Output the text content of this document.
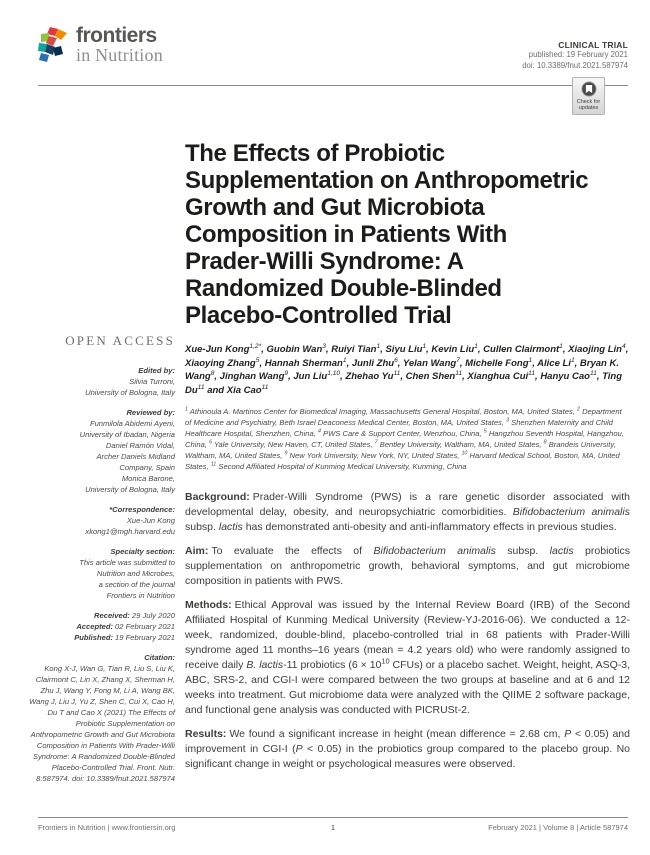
frontiers
in Nutrition	CLINICAL TRIAL
published: 19 February 2021
doi: 10.3389/fnut.2021.587974
Check for updates
OPEN ACCESS
Edited by:
Silvia Turroni,
University of Bologna, Italy
Reviewed by:
Funmilola Abidemi Ayeni,
University of Ibadan, Nigeria
Daniel Ramón Vidal,
Archer Daniels Midland
Company, Spain
Monica Barone,
University of Bologna, Italy
*Correspondence:
Xue-Jun Kong
xkong1@mgh.harvard.edu
Specialty section:
This article was submitted to
Nutrition and Microbes,
a section of the journal
Frontiers in Nutrition
Received: 29 July 2020
Accepted: 02 February 2021
Published: 19 February 2021
Citation:
Kong X-J, Wan G, Tian R, Liu S, Liu K, Clairmont C, Lin X, Zhang X, Sherman H, Zhu J, Wang Y, Fong M, Li A, Wang BK, Wang J, Liu J, Yu Z, Shen C, Cui X, Cao H, Du T and Cao X (2021) The Effects of Probiotic Supplementation on Anthropometric Growth and Gut Microbiota Composition in Patients With Prader-Willi Syndrome: A Randomized Double-Blinded Placebo-Controlled Trial. Front. Nutr. 8:587974. doi: 10.3389/fnut.2021.587974
The Effects of Probiotic
Supplementation on Anthropometric
Growth and Gut Microbiota
Composition in Patients With
Prader-Willi Syndrome: A
Randomized Double-Blinded
Placebo-Controlled Trial
Xue-Jun Kong$^{1,2*}$, Guobin Wan$^3$, Ruiyi Tian$^1$, Siyu Liu$^1$, Kevin Liu$^1$, Cullen Clairmont$^1$, Xiaojing Lin$^4$, Xiaoying Zhang$^5$, Hannah Sherman$^1$, Junli Zhu$^6$, Yelan Wang$^7$, Michelle Fong$^1$, Alice Li$^1$, Bryan K. Wang$^8$, Jinghan Wang$^9$, Jun Liu$^{1,10}$, Zhehao Yu$^{11}$, Chen Shen$^{11}$, Xianghua Cui$^{11}$, Hanyu Cao$^{11}$, Ting Du$^{11}$ and Xia Cao$^{11}$
$^1$ Athinoula A. Martinos Center for Biomedical Imaging, Massachusetts General Hospital, Boston, MA, United States, $^2$ Department of Medicine and Psychiatry, Beth Israel Deaconess Medical Center, Boston, MA, United States, $^3$ Shenzhen Maternity and Child Healthcare Hospital, Shenzhen, China, $^4$ PWS Care & Support Center, Wenzhou, China, $^5$ Hangzhou Seventh Hospital, Hangzhou, China, $^6$ Yale University, New Haven, CT, United States, $^7$ Bentley University, Waltham, MA, United States, $^8$ Brandeis University, Waltham, MA, United States, $^9$ New York University, New York, NY, United States, $^{10}$ Harvard Medical School, Boston, MA, United States, $^{11}$ Second Affiliated Hospital of Kunming Medical University, Kunming, China

Background: Prader-Willi Syndrome (PWS) is a rare genetic disorder associated with developmental delay, obesity, and neuropsychiatric comorbidities. Bifidobacterium animalis subsp. lactis has demonstrated anti-obesity and anti-inflammatory effects in previous studies.

Aim: To evaluate the effects of Bifidobacterium animalis subsp. lactis probiotics supplementation on anthropometric growth, behavioral symptoms, and gut microbiome composition in patients with PWS.

Methods: Ethical Approval was issued by the Internal Review Board (IRB) of the Second Affiliated Hospital of Kunming Medical University (Review-YJ-2016-06). We conducted a 12-week, randomized, double-blind, placebo-controlled trial in 68 patients with Prader-Willi syndrome aged 11 months–16 years (mean = 4.2 years old) who were randomly assigned to receive daily B. lactis-11 probiotics ($6 \times 10^{10}$ CFUs) or a placebo sachet. Weight, height, ASQ-3, ABC, SRS-2, and CGI-I were compared between the two groups at baseline and at 6 and 12 weeks into treatment. Gut microbiome data were analyzed with the QIIME 2 software package, and functional gene analysis was conducted with PICRUSt-2.

Results: We found a significant increase in height (mean difference = 2.68 cm, P < 0.05) and improvement in CGI-I (P < 0.05) in the probiotics group compared to the placebo group. No significant change in weight or psychological measures were observed.

Frontiers in Nutrition | www.frontiersin.org	1	February 2021 | Volume 8 | Article 587974
